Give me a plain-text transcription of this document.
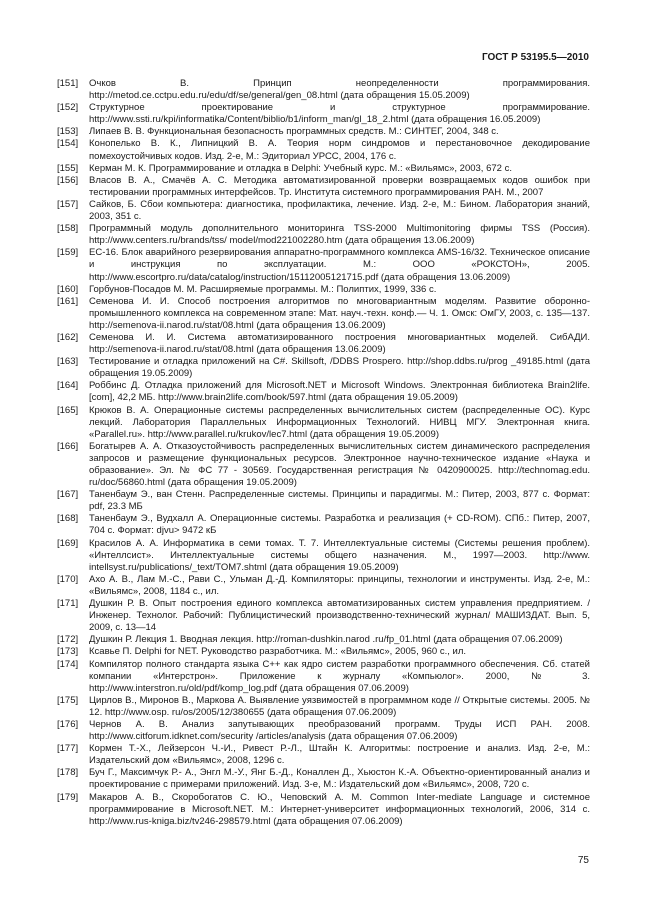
ГОСТ Р 53195.5—2010
[151]	Очков В. Принцип неопределенности программирования. http://metod.ce.cctpu.edu.ru/edu/df/se/general/gen_08.html (дата обращения 15.05.2009)
[152]	Структурное проектирование и структурное программирование. http://www.ssti.ru/kpi/informatika/Content/biblio/b1/inform_man/gl_18_2.html (дата обращения 16.05.2009)
[153]	Липаев В. В. Функциональная безопасность программных средств. М.: СИНТЕГ, 2004, 348 с.
[154]	Конопелько В. К., Липницкий В. А. Теория норм синдромов и перестановочное декодирование помехоустойчивых кодов. Изд. 2-е, М.: Эдиториал УРСС, 2004, 176 с.
[155]	Керман М. К. Программирование и отладка в Delphi: Учебный курс. М.: «Вильямс», 2003, 672 с.
[156]	Власов В. А., Смачёв А. С. Методика автоматизированной проверки возвращаемых кодов ошибок при тестировании программных интерфейсов. Тр. Института системного программирования РАН. М., 2007
[157]	Сайков, Б. Сбои компьютера: диагностика, профилактика, лечение. Изд. 2-е, М.: Бином. Лаборатория знаний, 2003, 351 с.
[158]	Программный модуль дополнительного мониторинга TSS-2000 Multimonitoring фирмы TSS (Россия). http://www.centers.ru/brands/tss/ model/mod221002280.htm (дата обращения 13.06.2009)
[159]	ЕС-16. Блок аварийного резервирования аппаратно-программного комплекса AMS-16/32. Техническое описание и инструкция по эксплуатации. М.: ООО «РОКСТОН», 2005. http://www.escortpro.ru/data/catalog/instruction/15112005121715.pdf (дата обращения 13.06.2009)
[160]	Горбунов-Посадов М. М. Расширяемые программы. М.: Полиптих, 1999, 336 с.
[161]	Семенова И. И. Способ построения алгоритмов по многовариантным моделям. Развитие оборонно-промышленного комплекса на современном этапе: Мат. науч.-техн. конф.— Ч. 1. Омск: ОмГУ, 2003, с. 135—137. http://semenova-ii.narod.ru/stat/08.html (дата обращения 13.06.2009)
[162]	Семенова И. И. Система автоматизированного построения многовариантных моделей. СибАДИ. http://semenova-ii.narod.ru/stat/08.html (дата обращения 13.06.2009)
[163]	Тестирование и отладка приложений на С#. Skillsoft, /DDBS Prospero. http://shop.ddbs.ru/prog _49185.html (дата обращения 19.05.2009)
[164]	Роббинс Д. Отладка приложений для Microsoft.NET и Microsoft Windows. Электронная библиотека Brain2life.[com], 42,2 МБ. http://www.brain2life.com/book/597.html (дата обращения 19.05.2009)
[165]	Крюков В. А. Операционные системы распределенных вычислительных систем (распределенные ОС). Курс лекций. Лаборатория Параллельных Информационных Технологий. НИВЦ МГУ. Электронная книга. «Parallel.ru». http://www.parallel.ru/krukov/lec7.html (дата обращения 19.05.2009)
[166]	Богатырев А. А. Отказоустойчивость распределенных вычислительных систем динамического распределения запросов и размещение функциональных ресурсов. Электронное научно-техническое издание «Наука и образование». Эл. № ФС 77 - 30569. Государственная регистрация № 0420900025. http://technomag.edu. ru/doc/56860.html (дата обращения 19.05.2009)
[167]	Таненбаум Э., ван Стенн. Распределенные системы. Принципы и парадигмы. М.: Питер, 2003, 877 с. Формат: pdf, 23.3 МБ
[168]	Таненбаум Э., Вудхалл А. Операционные системы. Разработка и реализация (+ CD-ROM). СПб.: Питер, 2007, 704 с. Формат: djvu> 9472 кБ
[169]	Красилов А. А. Информатика в семи томах. Т. 7. Интеллектуальные системы (Системы решения проблем). «Интеллсист». Интеллектуальные системы общего назначения. М., 1997—2003. http://www. intellsyst.ru/publications/_text/TOM7.shtml (дата обращения 19.05.2009)
[170]	Ахо А. В., Лам М.-С., Рави С., Ульман Д.-Д. Компиляторы: принципы, технологии и инструменты. Изд. 2-е, М.: «Вильямс», 2008, 1184 с., ил.
[171]	Душкин Р. В. Опыт построения единого комплекса автоматизированных систем управления предприятием. / Инженер. Технолог. Рабочий: Публицистический производственно-технический журнал/ МАШИЗДАТ. Вып. 5, 2009, с. 13—14
[172]	Душкин Р. Лекция 1. Вводная лекция. http://roman-dushkin.narod .ru/fp_01.html (дата обращения 07.06.2009)
[173]	Ксавье П. Delphi for NET. Руководство разработчика. М.: «Вильямс», 2005, 960 с., ил.
[174]	Компилятор полного стандарта языка C++ как ядро систем разработки программного обеспечения. Сб. статей компании «Интерстрон». Приложение к журналу «Компьюлог». 2000, № 3. http://www.interstron.ru/old/pdf/komp_log.pdf (дата обращения 07.06.2009)
[175]	Цирлов В., Миронов В., Маркова А. Выявление уязвимостей в программном коде // Открытые системы. 2005. № 12. http://www.osp. ru/os/2005/12/380655 (дата обращения 07.06.2009)
[176]	Чернов А. В. Анализ запутывающих преобразований программ. Труды ИСП РАН. 2008. http://www.citforum.idknet.com/security /articles/analysis (дата обращения 07.06.2009)
[177]	Кормен Т.-Х., Лейзерсон Ч.-И., Ривест Р.-Л., Штайн К. Алгоритмы: построение и анализ. Изд. 2-е, М.: Издательский дом «Вильямс», 2008, 1296 с.
[178]	Буч Г., Максимчук Р.- А., Энгл М.-У., Янг Б.-Д., Коналлен Д., Хьюстон К.-А. Объектно-ориентированный анализ и проектирование с примерами приложений. Изд. 3-е, М.: Издательский дом «Вильямс», 2008, 720 с.
[179]	Макаров А. В., Скоробогатов С. Ю., Чеповский А. М. Common Inter-mediate Language и системное программирование в Microsoft.NET. М.: Интернет-университет информационных технологий, 2006, 314 с. http://www.rus-kniga.biz/tv246-298579.html (дата обращения 07.06.2009)
75
